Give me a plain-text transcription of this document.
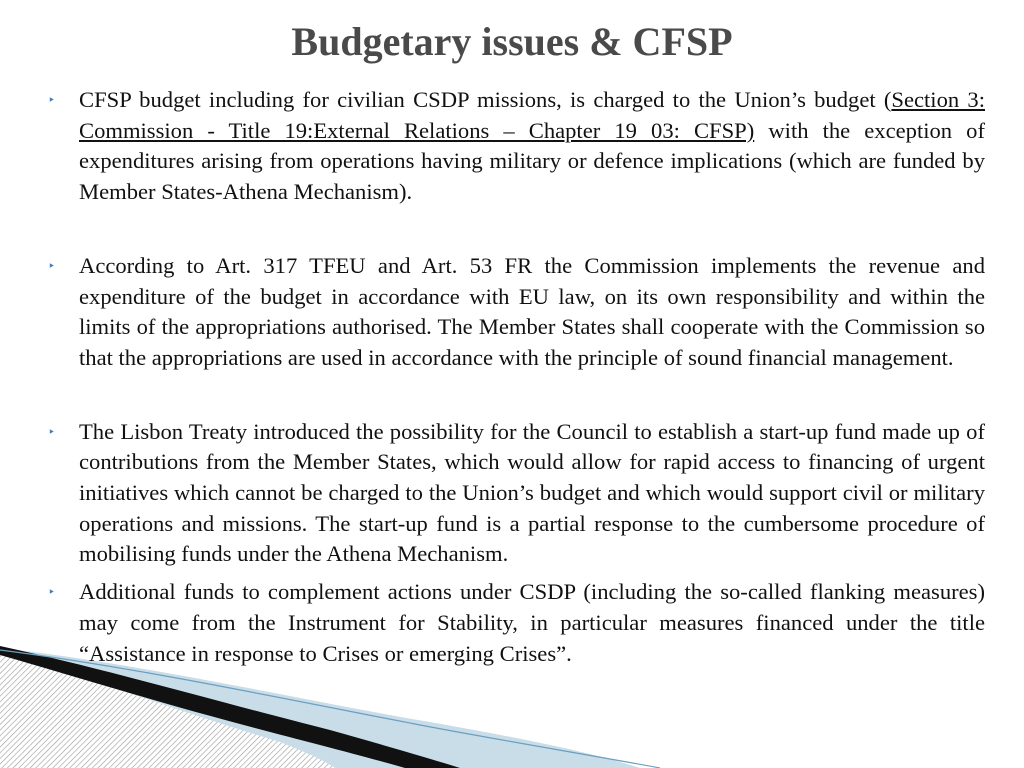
Budgetary issues & CFSP
‣ CFSP budget including for civilian CSDP missions, is charged to the Union’s budget (Section 3: Commission - Title 19:External Relations – Chapter 19 03: CFSP) with the exception of expenditures arising from operations having military or defence implications (which are funded by Member States-Athena Mechanism).
‣ According to Art. 317 TFEU and Art. 53 FR the Commission implements the revenue and expenditure of the budget in accordance with EU law, on its own responsibility and within the limits of the appropriations authorised. The Member States shall cooperate with the Commission so that the appropriations are used in accordance with the principle of sound financial management.
‣ The Lisbon Treaty introduced the possibility for the Council to establish a start-up fund made up of contributions from the Member States, which would allow for rapid access to financing of urgent initiatives which cannot be charged to the Union’s budget and which would support civil or military operations and missions. The start-up fund is a partial response to the cumbersome procedure of mobilising funds under the Athena Mechanism.
‣ Additional funds to complement actions under CSDP (including the so-called flanking measures) may come from the Instrument for Stability, in particular measures financed under the title “Assistance in response to Crises or emerging Crises”.
